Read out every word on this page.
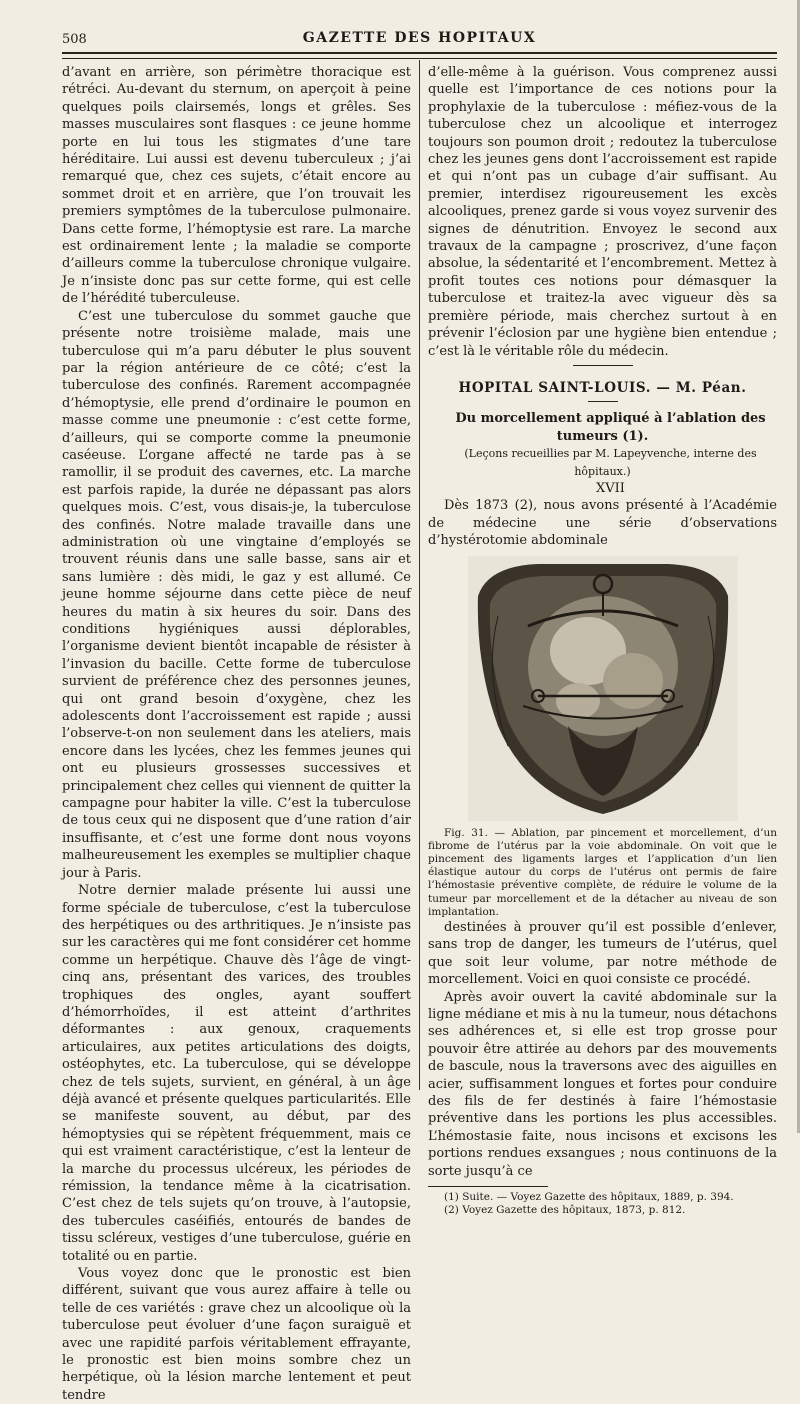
508	GAZETTE DES HOPITAUX

d’avant en arrière, son périmètre thoracique est rétréci. Au-devant du sternum, on aperçoit à peine quelques poils clairsemés, longs et grêles. Ses masses musculaires sont flasques : ce jeune homme porte en lui tous les stigmates d’une tare héréditaire. Lui aussi est devenu tuberculeux ; j’ai remarqué que, chez ces sujets, c’était encore au sommet droit et en arrière, que l’on trouvait les premiers symptômes de la tuberculose pulmonaire. Dans cette forme, l’hémoptysie est rare. La marche est ordinairement lente ; la maladie se comporte d’ailleurs comme la tuberculose chronique vulgaire. Je n’insiste donc pas sur cette forme, qui est celle de l’hérédité tuberculeuse.

C’est une tuberculose du sommet gauche que présente notre troisième malade, mais une tuberculose qui m’a paru débuter le plus souvent par la région antérieure de ce côté; c’est la tuberculose des confinés. Rarement accompagnée d’hémoptysie, elle prend d’ordinaire le poumon en masse comme une pneumonie : c’est cette forme, d’ailleurs, qui se comporte comme la pneumonie caséeuse. L’organe affecté ne tarde pas à se ramollir, il se produit des cavernes, etc. La marche est parfois rapide, la durée ne dépassant pas alors quelques mois. C’est, vous disais-je, la tuberculose des confinés. Notre malade travaille dans une administration où une vingtaine d’employés se trouvent réunis dans une salle basse, sans air et sans lumière : dès midi, le gaz y est allumé. Ce jeune homme séjourne dans cette pièce de neuf heures du matin à six heures du soir. Dans des conditions hygiéniques aussi déplorables, l’organisme devient bientôt incapable de résister à l’invasion du bacille. Cette forme de tuberculose survient de préférence chez des personnes jeunes, qui ont grand besoin d’oxygène, chez les adolescents dont l’accroissement est rapide ; aussi l’observe-t-on non seulement dans les ateliers, mais encore dans les lycées, chez les femmes jeunes qui ont eu plusieurs grossesses successives et principalement chez celles qui viennent de quitter la campagne pour habiter la ville. C’est la tuberculose de tous ceux qui ne disposent que d’une ration d’air insuffisante, et c’est une forme dont nous voyons malheureusement les exemples se multiplier chaque jour à Paris.

Notre dernier malade présente lui aussi une forme spéciale de tuberculose, c’est la tuberculose des herpétiques ou des arthritiques. Je n’insiste pas sur les caractères qui me font considérer cet homme comme un herpétique. Chauve dès l’âge de vingt-cinq ans, présentant des varices, des troubles trophiques des ongles, ayant souffert d’hémorrhoïdes, il est atteint d’arthrites déformantes : aux genoux, craquements articulaires, aux petites articulations des doigts, ostéophytes, etc. La tuberculose, qui se développe chez de tels sujets, survient, en général, à un âge déjà avancé et présente quelques particularités. Elle se manifeste souvent, au début, par des hémoptysies qui se répètent fréquemment, mais ce qui est vraiment caractéristique, c’est la lenteur de la marche du processus ulcéreux, les périodes de rémission, la tendance même à la cicatrisation. C’est chez de tels sujets qu’on trouve, à l’autopsie, des tubercules caséifiés, entourés de bandes de tissu scléreux, vestiges d’une tuberculose, guérie en totalité ou en partie.

Vous voyez donc que le pronostic est bien différent, suivant que vous aurez affaire à telle ou telle de ces variétés : grave chez un alcoolique où la tuberculose peut évoluer d’une façon suraiguë et avec une rapidité parfois véritablement effrayante, le pronostic est bien moins sombre chez un herpétique, où la lésion marche lentement et peut tendre

d’elle-même à la guérison. Vous comprenez aussi quelle est l’importance de ces notions pour la prophylaxie de la tuberculose : méfiez-vous de la tuberculose chez un alcoolique et interrogez toujours son poumon droit ; redoutez la tuberculose chez les jeunes gens dont l’accroissement est rapide et qui n’ont pas un cubage d’air suffisant. Au premier, interdisez rigoureusement les excès alcooliques, prenez garde si vous voyez survenir des signes de dénutrition. Envoyez le second aux travaux de la campagne ; proscrivez, d’une façon absolue, la sédentarité et l’encombrement. Mettez à profit toutes ces notions pour démasquer la tuberculose et traitez-la avec vigueur dès sa première période, mais cherchez surtout à en prévenir l’éclosion par une hygiène bien entendue ; c’est là le véritable rôle du médecin.

HOPITAL SAINT-LOUIS. — M. Péan.

Du morcellement appliqué à l’ablation des tumeurs (1).

(Leçons recueillies par M. Lapeyvenche, interne des hôpitaux.)

XVII

Dès 1873 (2), nous avons présenté à l’Académie de médecine une série d’observations d’hystérotomie abdominale

Fig. 31. — Ablation, par pincement et morcellement, d’un fibrome de l’utérus par la voie abdominale. On voit que le pincement des ligaments larges et l’application d’un lien élastique autour du corps de l’utérus ont permis de faire l’hémostasie préventive complète, de réduire le volume de la tumeur par morcellement et de la détacher au niveau de son implantation.

destinées à prouver qu’il est possible d’enlever, sans trop de danger, les tumeurs de l’utérus, quel que soit leur volume, par notre méthode de morcellement. Voici en quoi consiste ce procédé.

Après avoir ouvert la cavité abdominale sur la ligne médiane et mis à nu la tumeur, nous détachons ses adhérences et, si elle est trop grosse pour pouvoir être attirée au dehors par des mouvements de bascule, nous la traversons avec des aiguilles en acier, suffisamment longues et fortes pour conduire des fils de fer destinés à faire l’hémostasie préventive dans les portions les plus accessibles. L’hémostasie faite, nous incisons et excisons les portions rendues exsangues ; nous continuons de la sorte jusqu’à ce

(1) Suite. — Voyez Gazette des hôpitaux, 1889, p. 394.

(2) Voyez Gazette des hôpitaux, 1873, p. 812.
